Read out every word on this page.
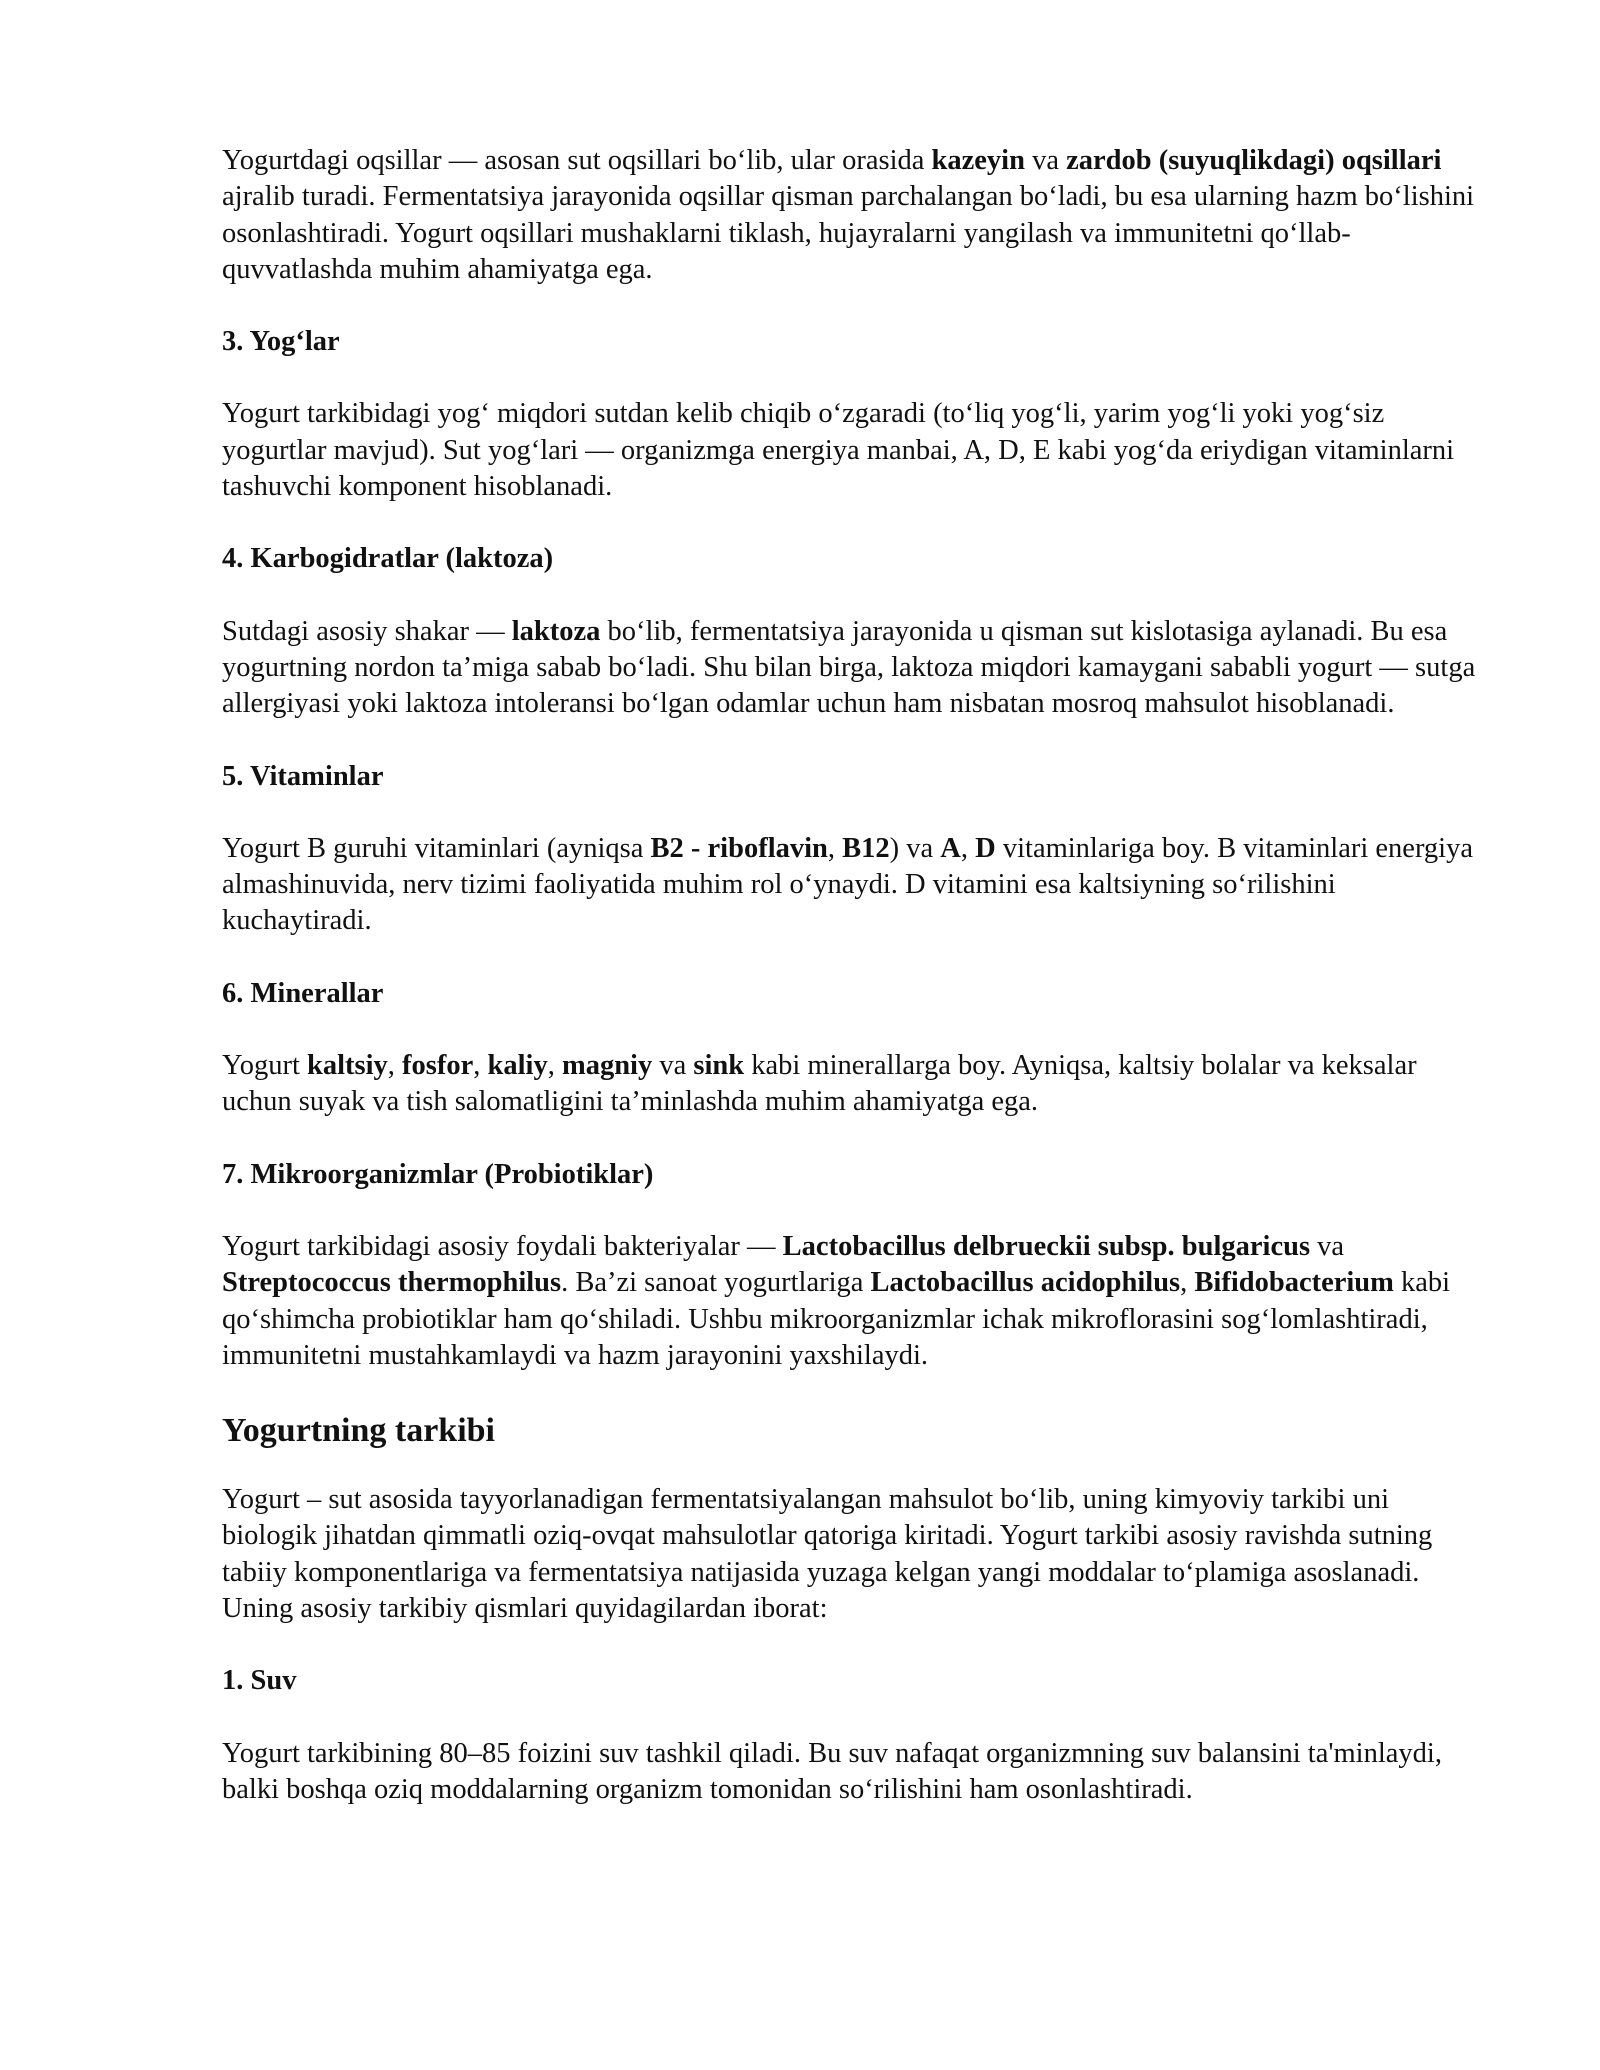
Yogurtdagi oqsillar — asosan sut oqsillari bo‘lib, ular orasida kazeyin va zardob (suyuqlikdagi) oqsillari ajralib turadi. Fermentatsiya jarayonida oqsillar qisman parchalangan bo‘ladi, bu esa ularning hazm bo‘lishini osonlashtiradi. Yogurt oqsillari mushaklarni tiklash, hujayralarni yangilash va immunitetni qo‘llab-quvvatlashda muhim ahamiyatga ega.

3. Yog‘lar

Yogurt tarkibidagi yog‘ miqdori sutdan kelib chiqib o‘zgaradi (to‘liq yog‘li, yarim yog‘li yoki yog‘siz yogurtlar mavjud). Sut yog‘lari — organizmga energiya manbai, A, D, E kabi yog‘da eriydigan vitaminlarni tashuvchi komponent hisoblanadi.

4. Karbogidratlar (laktoza)

Sutdagi asosiy shakar — laktoza bo‘lib, fermentatsiya jarayonida u qisman sut kislotasiga aylanadi. Bu esa yogurtning nordon ta’miga sabab bo‘ladi. Shu bilan birga, laktoza miqdori kamaygani sababli yogurt — sutga allergiyasi yoki laktoza intoleransi bo‘lgan odamlar uchun ham nisbatan mosroq mahsulot hisoblanadi.

5. Vitaminlar

Yogurt B guruhi vitaminlari (ayniqsa B2 - riboflavin, B12) va A, D vitaminlariga boy. B vitaminlari energiya almashinuvida, nerv tizimi faoliyatida muhim rol o‘ynaydi. D vitamini esa kaltsiyning so‘rilishini kuchaytiradi.

6. Minerallar

Yogurt kaltsiy, fosfor, kaliy, magniy va sink kabi minerallarga boy. Ayniqsa, kaltsiy bolalar va keksalar uchun suyak va tish salomatligini ta’minlashda muhim ahamiyatga ega.

7. Mikroorganizmlar (Probiotiklar)

Yogurt tarkibidagi asosiy foydali bakteriyalar — Lactobacillus delbrueckii subsp. bulgaricus va Streptococcus thermophilus. Ba’zi sanoat yogurtlariga Lactobacillus acidophilus, Bifidobacterium kabi qo‘shimcha probiotiklar ham qo‘shiladi. Ushbu mikroorganizmlar ichak mikroflorasini sog‘lomlashtiradi, immunitetni mustahkamlaydi va hazm jarayonini yaxshilaydi.

Yogurtning tarkibi

Yogurt – sut asosida tayyorlanadigan fermentatsiyalangan mahsulot bo‘lib, uning kimyoviy tarkibi uni biologik jihatdan qimmatli oziq-ovqat mahsulotlar qatoriga kiritadi. Yogurt tarkibi asosiy ravishda sutning tabiiy komponentlariga va fermentatsiya natijasida yuzaga kelgan yangi moddalar to‘plamiga asoslanadi. Uning asosiy tarkibiy qismlari quyidagilardan iborat:

1. Suv

Yogurt tarkibining 80–85 foizini suv tashkil qiladi. Bu suv nafaqat organizmning suv balansini ta'minlaydi, balki boshqa oziq moddalarning organizm tomonidan so‘rilishini ham osonlashtiradi.
